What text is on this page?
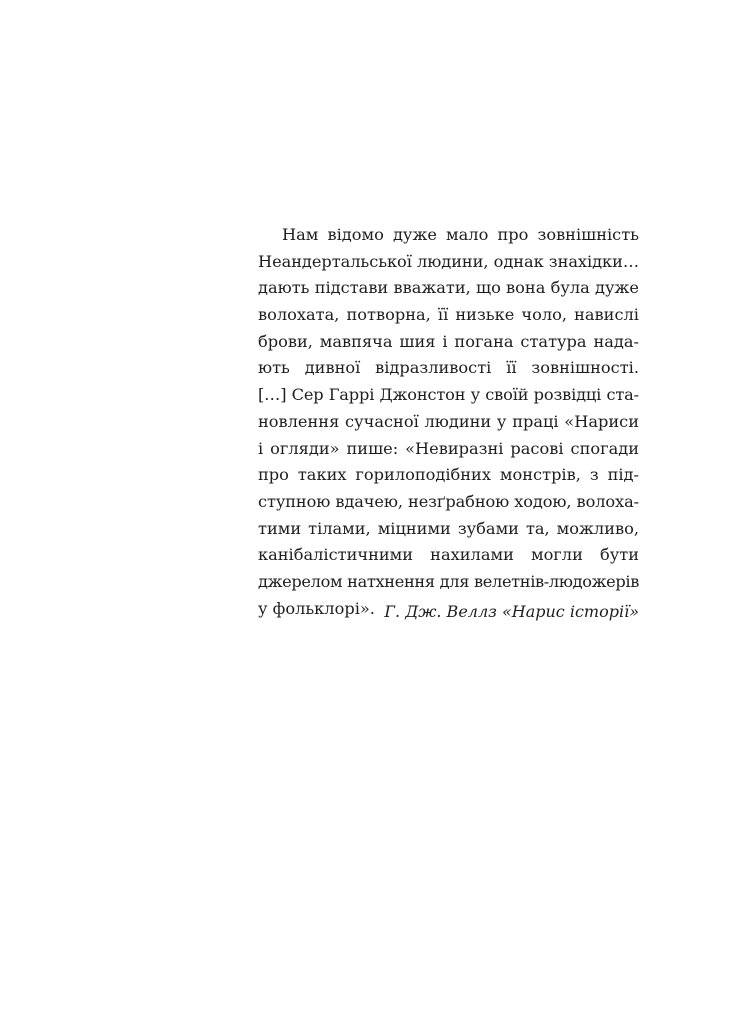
Нам відомо дуже мало про зовнішність
Неандертальської людини, однак знахідки…
дають підстави вважати, що вона була дуже
волохата, потворна, її низьке чоло, навислі
брови, мавпяча шия і погана статура нада-
ють дивної відразливості її зовнішності.
[…] Сер Гаррі Джонстон у своїй розвідці ста-
новлення сучасної людини у праці «Нариси
і огляди» пише: «Невиразні расові спогади
про таких горилоподібних монстрів, з під-
ступною вдачею, незґрабною ходою, волоха-
тими тілами, міцними зубами та, можливо,
канібалістичними нахилами могли бути
джерелом натхнення для велетнів-людожерів
у фольклорі». Г. Дж. Веллз «Нарис історії»
